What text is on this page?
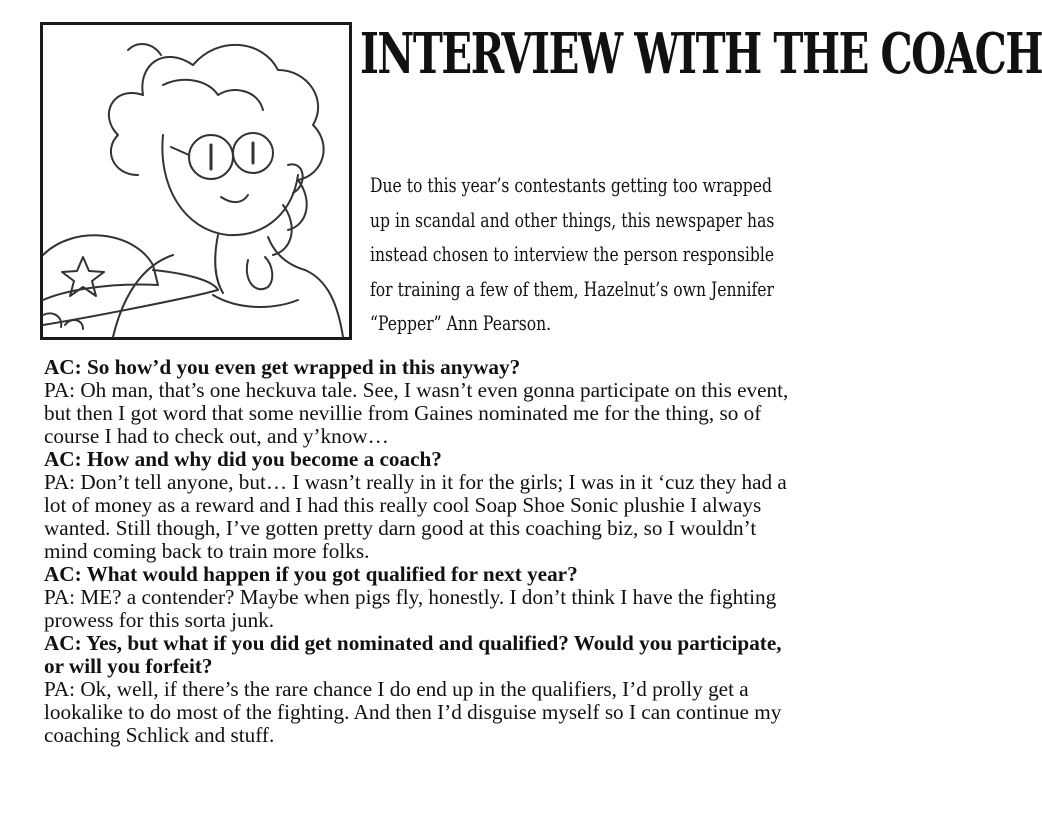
INTERVIEW WITH THE COACH

Due to this year’s contestants getting too wrapped up in scandal and other things, this newspaper has instead chosen to interview the person responsible for training a few of them, Hazelnut’s own Jennifer “Pepper” Ann Pearson.

AC: So how’d you even get wrapped in this anyway?

PA: Oh man, that’s one heckuva tale. See, I wasn’t even gonna participate on this event, but then I got word that some nevillie from Gaines nominated me for the thing, so of course I had to check out, and y’know…

AC: How and why did you become a coach?

PA: Don’t tell anyone, but… I wasn’t really in it for the girls; I was in it ‘cuz they had a lot of money as a reward and I had this really cool Soap Shoe Sonic plushie I always wanted. Still though, I’ve gotten pretty darn good at this coaching biz, so I wouldn’t mind coming back to train more folks.

AC: What would happen if you got qualified for next year?

PA: ME? a contender? Maybe when pigs fly, honestly. I don’t think I have the fighting prowess for this sorta junk.

AC: Yes, but what if you did get nominated and qualified? Would you participate, or will you forfeit?

PA: Ok, well, if there’s the rare chance I do end up in the qualifiers, I’d prolly get a lookalike to do most of the fighting. And then I’d disguise myself so I can continue my coaching Schlick and stuff.
